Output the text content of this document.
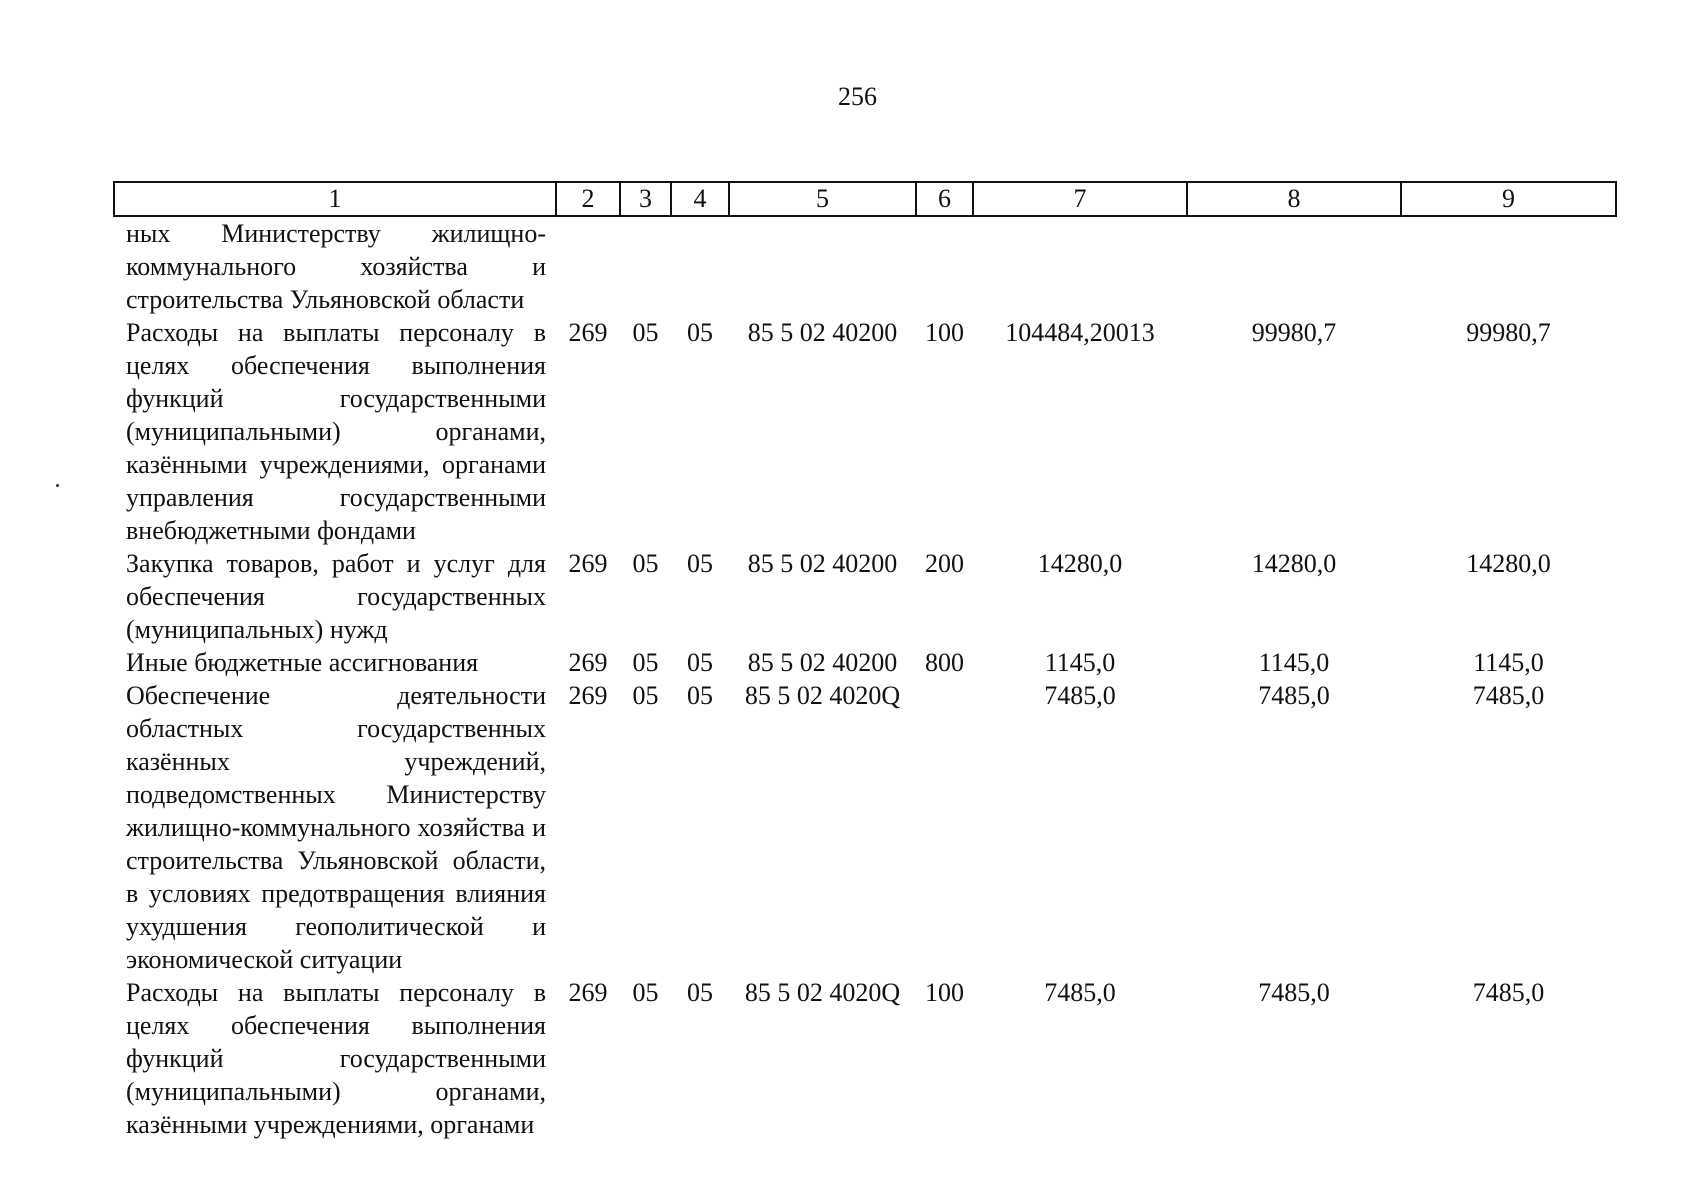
256
1	2	3	4	5	6	7	8	9
ных Министерству жилищно-коммунального хозяйства и строительства Ульяновской области								
Расходы на выплаты персоналу в целях обеспечения выполнения функций государственными (муниципальными) органами, казёнными учреждениями, органами управления государственными внебюджетными фондами	269	05	05	85 5 02 40200	100	104484,20013	99980,7	99980,7
Закупка товаров, работ и услуг для обеспечения государственных (муниципальных) нужд	269	05	05	85 5 02 40200	200	14280,0	14280,0	14280,0
Иные бюджетные ассигнования	269	05	05	85 5 02 40200	800	1145,0	1145,0	1145,0
Обеспечение деятельности областных государственных казённых учреждений, подведомственных Министерству жилищно-коммунального хозяйства и строительства Ульяновской области, в условиях предотвращения влияния ухудшения геополитической и экономической ситуации	269	05	05	85 5 02 4020Q		7485,0	7485,0	7485,0
Расходы на выплаты персоналу в целях обеспечения выполнения функций государственными (муниципальными) органами, казёнными учреждениями, органами	269	05	05	85 5 02 4020Q	100	7485,0	7485,0	7485,0
